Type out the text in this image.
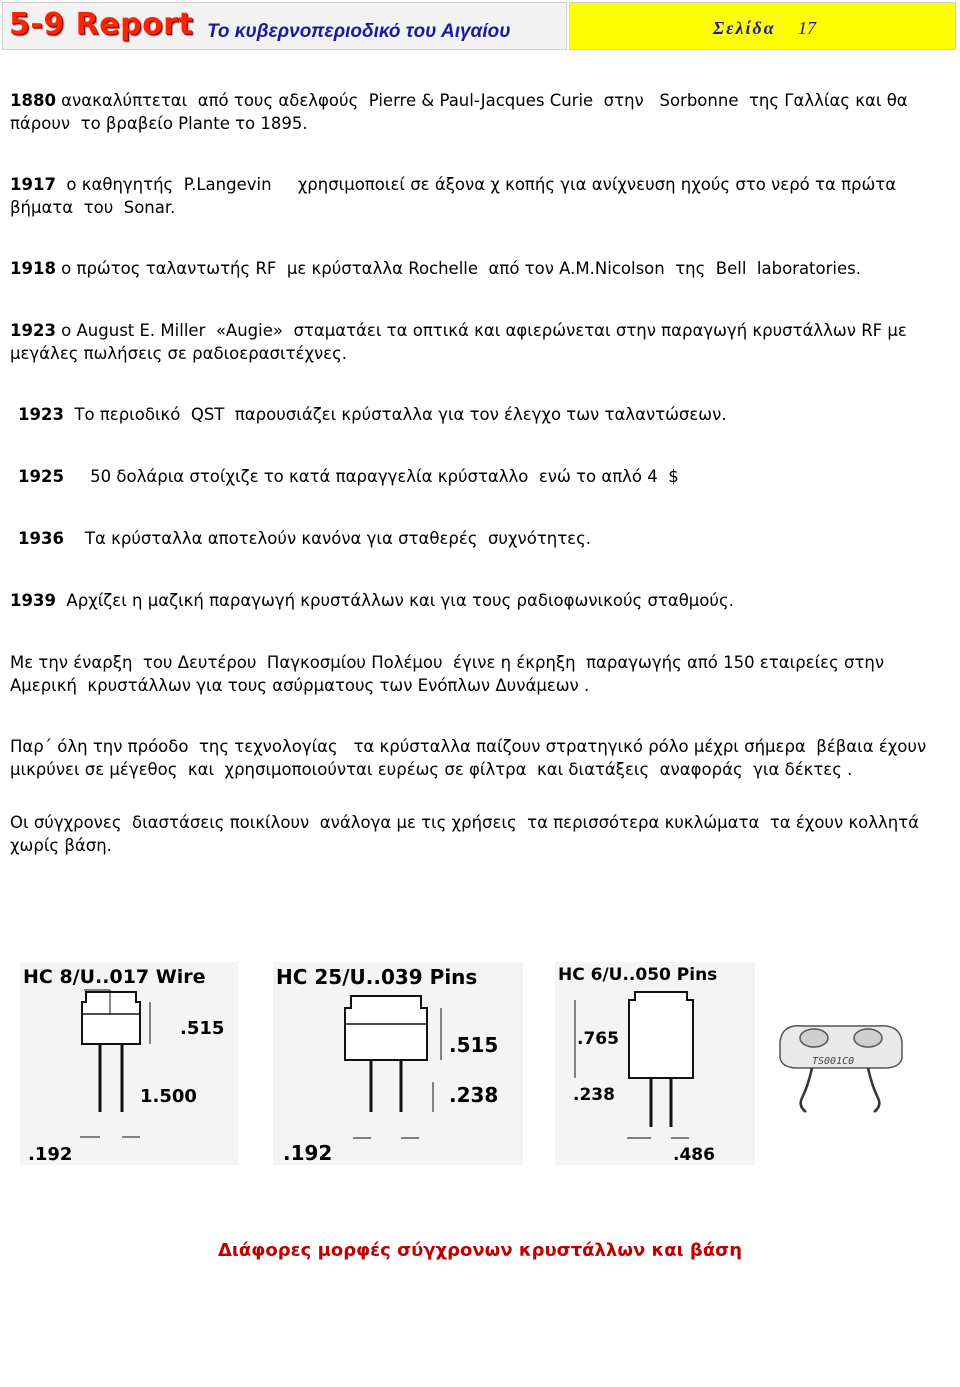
5-9 Report Το κυβερνοπεριοδικό του Αιγαίου	Σελίδα 17

1880 ανακαλύπτεται  από τους αδελφούς  Pierre & Paul-Jacques Curie  στην   Sorbonne  της Γαλλίας και θα πάρουν  το βραβείο Plante το 1895.

1917  ο καθηγητής  P.Langevin     χρησιμοποιεί σε άξονα χ κοπής για ανίχνευση ηχούς στο νερό τα πρώτα βήματα  του  Sonar.

1918 ο πρώτος ταλαντωτής RF  με κρύσταλλα Rochelle  από τον A.M.Nicolson  της  Bell  laboratories.

1923 ο August E. Miller  «Augie»  σταματάει τα οπτικά και αφιερώνεται στην παραγωγή κρυστάλλων RF με μεγάλες πωλήσεις σε ραδιοερασιτέχνες.

1923  Το περιοδικό  QST  παρουσιάζει κρύσταλλα για τον έλεγχο των ταλαντώσεων.

1925     50 δολάρια στοίχιζε το κατά παραγγελία κρύσταλλο  ενώ το απλό 4  $

1936    Τα κρύσταλλα αποτελούν κανόνα για σταθερές  συχνότητες.

1939  Αρχίζει η μαζική παραγωγή κρυστάλλων και για τους ραδιοφωνικούς σταθμούς.

Με την έναρξη  του Δευτέρου  Παγκοσμίου Πολέμου  έγινε η έκρηξη  παραγωγής από 150 εταιρείες στην Αμερική  κρυστάλλων για τους ασύρματους των Ενόπλων Δυνάμεων .

Παρ΄ όλη την πρόοδο  της τεχνολογίας   τα κρύσταλλα παίζουν στρατηγικό ρόλο μέχρι σήμερα  βέβαια έχουν μικρύνει σε μέγεθος  και  χρησιμοποιούνται ευρέως σε φίλτρα  και διατάξεις  αναφοράς  για δέκτες .

Οι σύγχρονες  διαστάσεις ποικίλουν  ανάλογα με τις χρήσεις  τα περισσότερα κυκλώματα  τα έχουν κολλητά  χωρίς βάση.

HC 8/U..017 Wire
.515
1.500
.192
HC 25/U..039 Pins
.515
.238
.192
HC 6/U..050 Pins
.765
.238
.486
TS001C0
Διάφορες μορφές σύγχρονων κρυστάλλων και βάση
